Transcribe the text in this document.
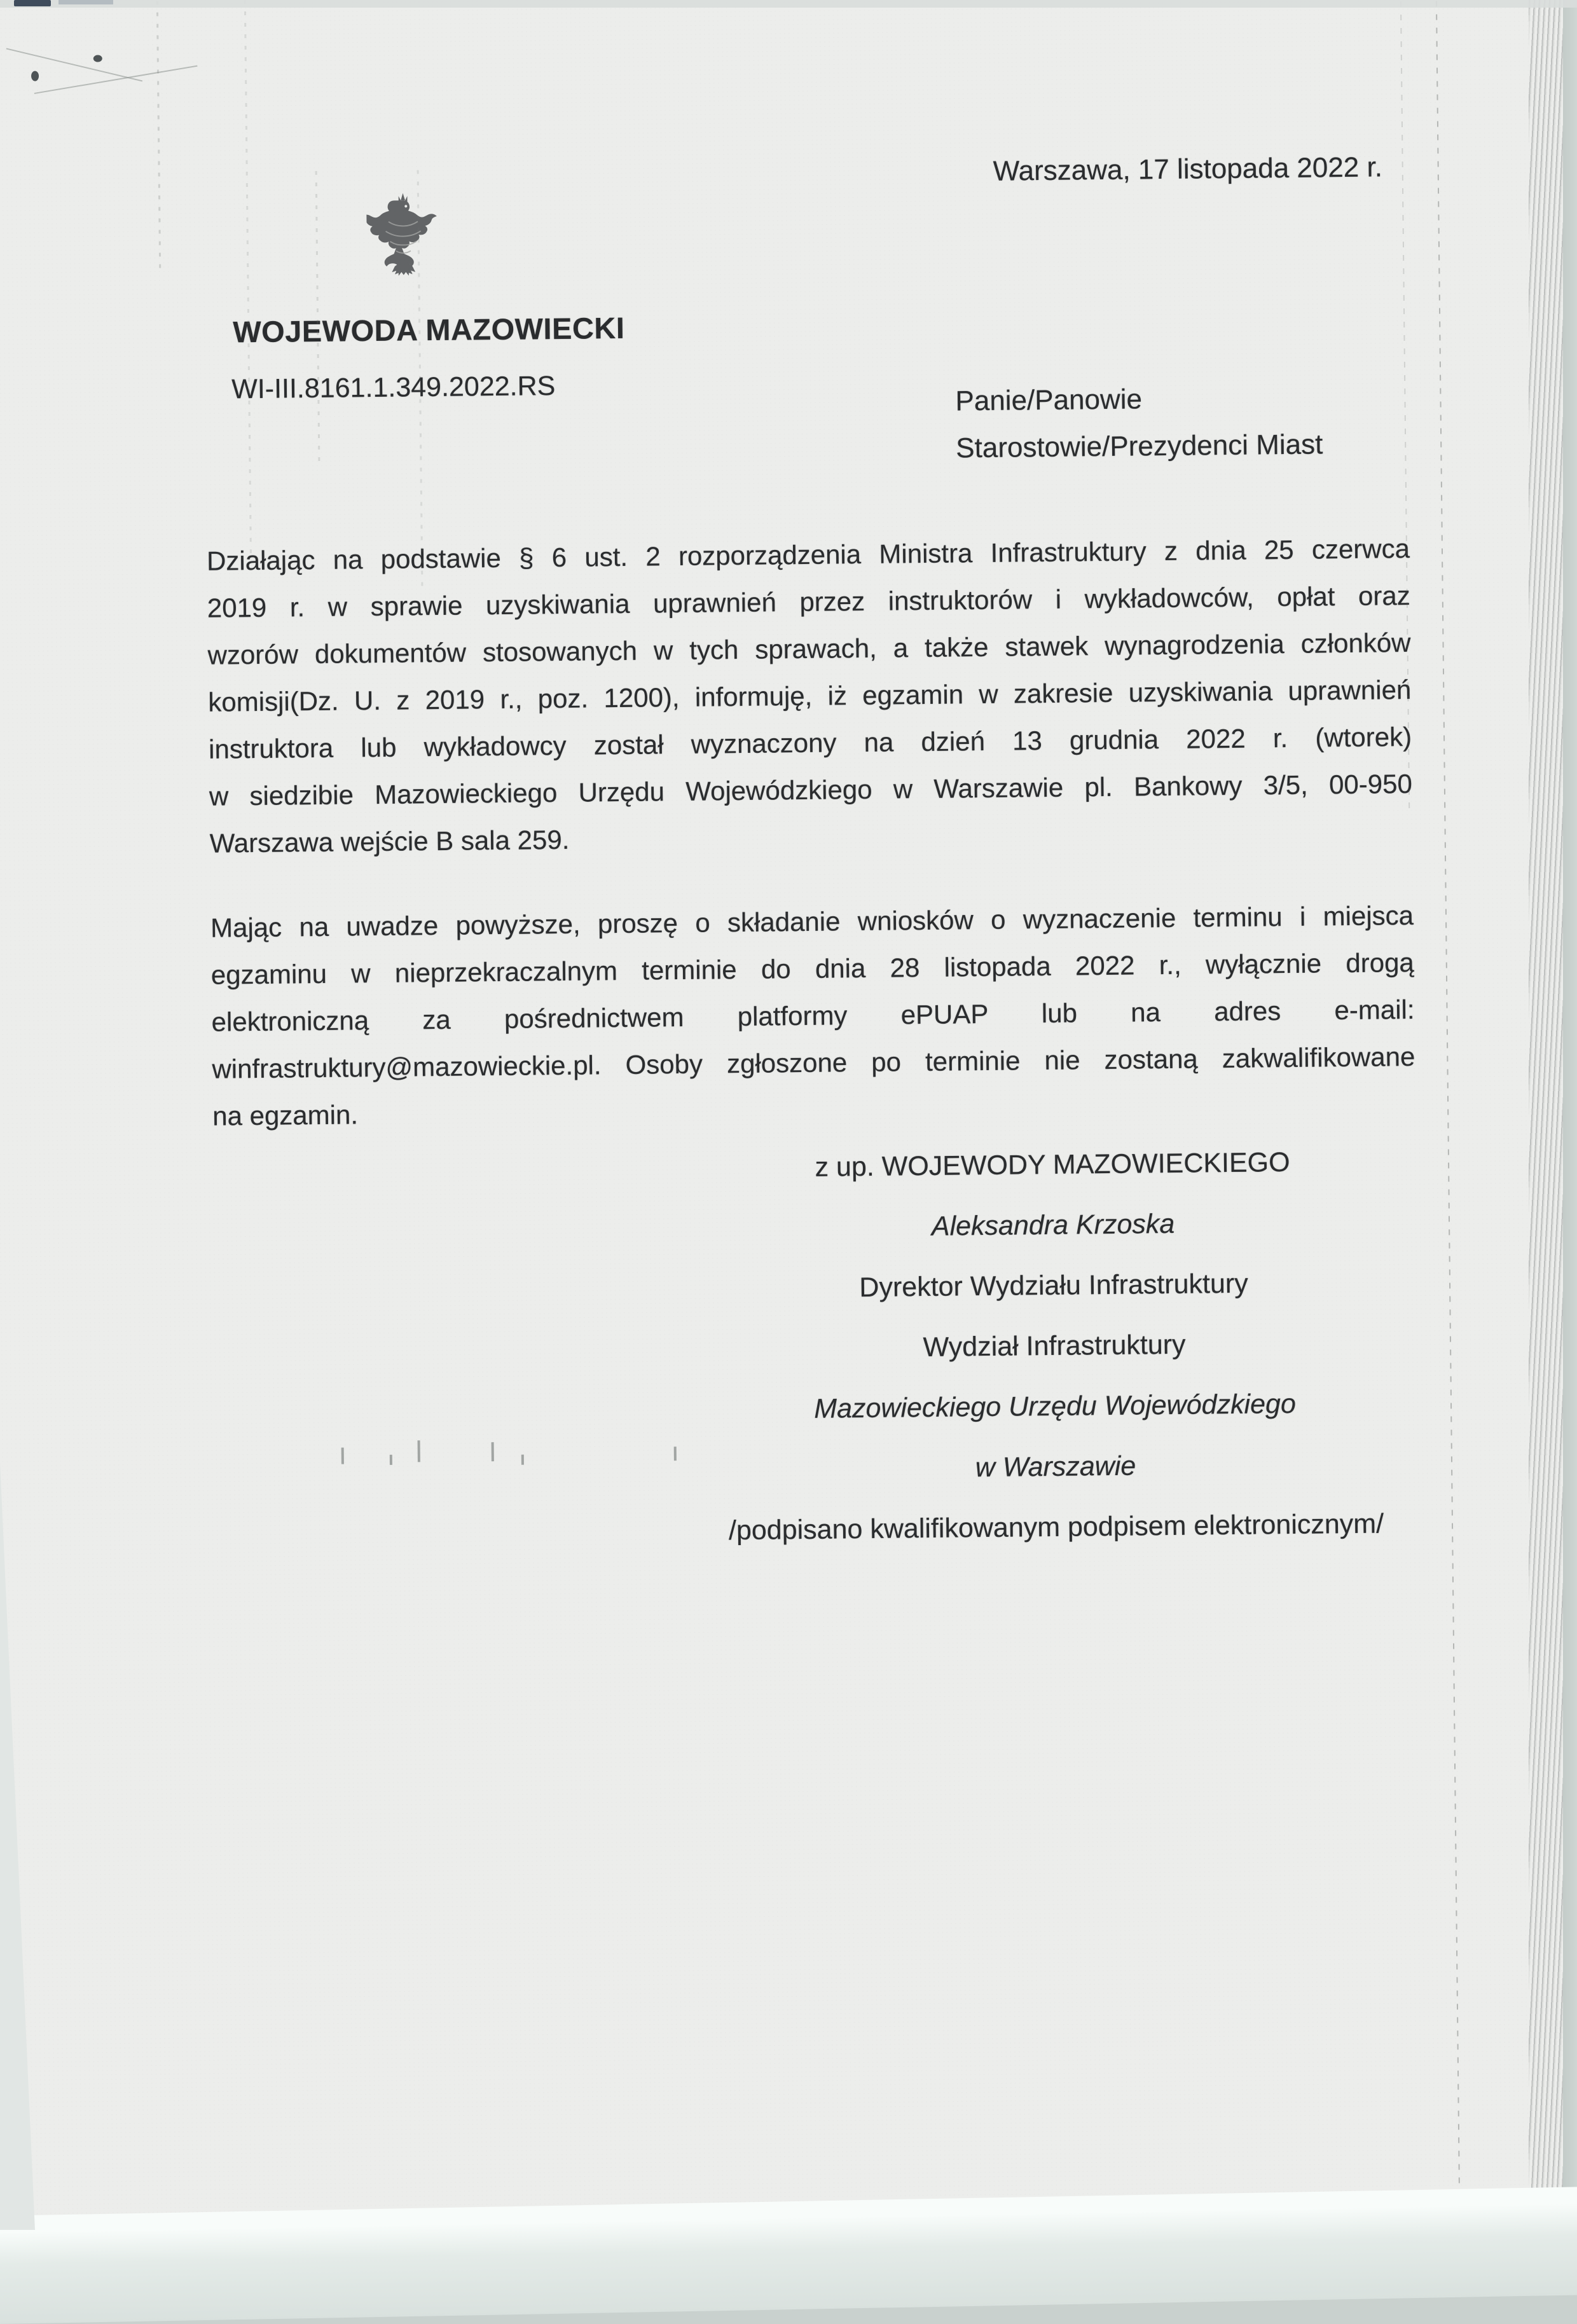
Warszawa, 17 listopada 2022 r.
WOJEWODA MAZOWIECKI
WI-III.8161.1.349.2022.RS	Panie/Panowie
Starostowie/Prezydenci Miast
Działając na podstawie § 6 ust. 2 rozporządzenia Ministra Infrastruktury z dnia 25 czerwca
2019 r. w sprawie uzyskiwania uprawnień przez instruktorów i wykładowców, opłat oraz
wzorów dokumentów stosowanych w tych sprawach, a także stawek wynagrodzenia członków
komisji(Dz. U. z 2019 r., poz. 1200), informuję, iż egzamin w zakresie uzyskiwania uprawnień
instruktora lub wykładowcy został wyznaczony na dzień 13 grudnia 2022 r. (wtorek)
w siedzibie Mazowieckiego Urzędu Wojewódzkiego w Warszawie pl. Bankowy 3/5, 00-950
Warszawa wejście B sala 259.
Mając na uwadze powyższe, proszę o składanie wniosków o wyznaczenie terminu i miejsca
egzaminu w nieprzekraczalnym terminie do dnia 28 listopada 2022 r., wyłącznie drogą
elektroniczną za pośrednictwem platformy ePUAP lub na adres e-mail:
winfrastruktury@mazowieckie.pl. Osoby zgłoszone po terminie nie zostaną zakwalifikowane
na egzamin.
z up. WOJEWODY MAZOWIECKIEGO
Aleksandra Krzoska
Dyrektor Wydziału Infrastruktury
Wydział Infrastruktury
Mazowieckiego Urzędu Wojewódzkiego
w Warszawie
/podpisano kwalifikowanym podpisem elektronicznym/
